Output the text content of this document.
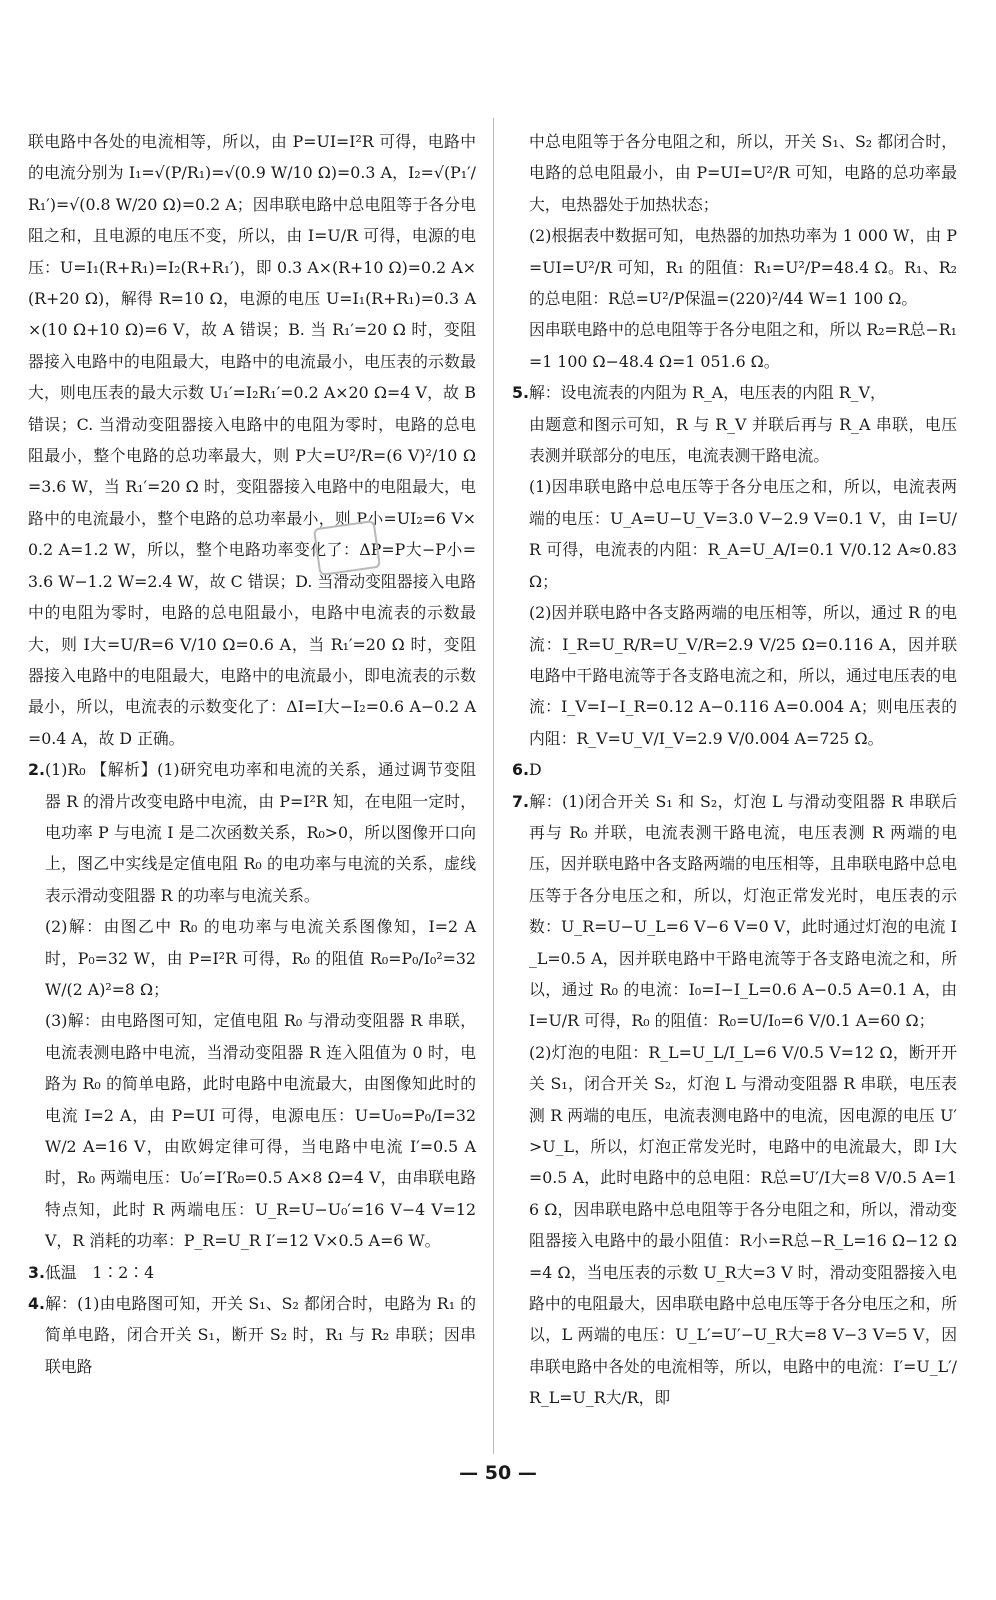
联电路中各处的电流相等，所以，由 P=UI=I²R 可得，电路中的电流分别为 I₁=√(P/R₁)=√(0.9 W/10 Ω)=0.3 A，I₂=√(P₁′/R₁′)=√(0.8 W/20 Ω)=0.2 A；因串联电路中总电阻等于各分电阻之和，且电源的电压不变，所以，由 I=U/R 可得，电源的电压：U=I₁(R+R₁)=I₂(R+R₁′)，即 0.3 A×(R+10 Ω)=0.2 A×(R+20 Ω)，解得 R=10 Ω，电源的电压 U=I₁(R+R₁)=0.3 A×(10 Ω+10 Ω)=6 V，故 A 错误；B. 当 R₁′=20 Ω 时，变阻器接入电路中的电阻最大，电路中的电流最小，电压表的示数最大，则电压表的最大示数 U₁′=I₂R₁′=0.2 A×20 Ω=4 V，故 B 错误；C. 当滑动变阻器接入电路中的电阻为零时，电路的总电阻最小，整个电路的总功率最大，则 P大=U²/R=(6 V)²/10 Ω=3.6 W，当 R₁′=20 Ω 时，变阻器接入电路中的电阻最大，电路中的电流最小，整个电路的总功率最小，则 P小=UI₂=6 V×0.2 A=1.2 W，所以，整个电路功率变化了：ΔP=P大−P小=3.6 W−1.2 W=2.4 W，故 C 错误；D. 当滑动变阻器接入电路中的电阻为零时，电路的总电阻最小，电路中电流表的示数最大，则 I大=U/R=6 V/10 Ω=0.6 A，当 R₁′=20 Ω 时，变阻器接入电路中的电阻最大，电路中的电流最小，即电流表的示数最小，所以，电流表的示数变化了：ΔI=I大−I₂=0.6 A−0.2 A=0.4 A，故 D 正确。

2.(1)R₀ 【解析】(1)研究电功率和电流的关系，通过调节变阻器 R 的滑片改变电路中电流，由 P=I²R 知，在电阻一定时，电功率 P 与电流 I 是二次函数关系，R₀>0，所以图像开口向上，图乙中实线是定值电阻 R₀ 的电功率与电流的关系，虚线表示滑动变阻器 R 的功率与电流关系。

(2)解：由图乙中 R₀ 的电功率与电流关系图像知，I=2 A 时，P₀=32 W，由 P=I²R 可得，R₀ 的阻值 R₀=P₀/I₀²=32 W/(2 A)²=8 Ω；

(3)解：由电路图可知，定值电阻 R₀ 与滑动变阻器 R 串联，电流表测电路中电流，当滑动变阻器 R 连入阻值为 0 时，电路为 R₀ 的简单电路，此时电路中电流最大，由图像知此时的电流 I=2 A，由 P=UI 可得，电源电压：U=U₀=P₀/I=32 W/2 A=16 V，由欧姆定律可得，当电路中电流 I′=0.5 A 时，R₀ 两端电压：U₀′=I′R₀=0.5 A×8 Ω=4 V，由串联电路特点知，此时 R 两端电压：U_R=U−U₀′=16 V−4 V=12 V，R 消耗的功率：P_R=U_R I′=12 V×0.5 A=6 W。

3.低温　1∶2∶4

4.解：(1)由电路图可知，开关 S₁、S₂ 都闭合时，电路为 R₁ 的简单电路，闭合开关 S₁，断开 S₂ 时，R₁ 与 R₂ 串联；因串联电路

中总电阻等于各分电阻之和，所以，开关 S₁、S₂ 都闭合时，电路的总电阻最小，由 P=UI=U²/R 可知，电路的总功率最大，电热器处于加热状态；

(2)根据表中数据可知，电热器的加热功率为 1 000 W，由 P=UI=U²/R 可知，R₁ 的阻值：R₁=U²/P=48.4 Ω。R₁、R₂ 的总电阻：R总=U²/P保温=(220)²/44 W=1 100 Ω。

因串联电路中的总电阻等于各分电阻之和，所以 R₂=R总−R₁=1 100 Ω−48.4 Ω=1 051.6 Ω。

5.解：设电流表的内阻为 R_A，电压表的内阻 R_V，

由题意和图示可知，R 与 R_V 并联后再与 R_A 串联，电压表测并联部分的电压，电流表测干路电流。

(1)因串联电路中总电压等于各分电压之和，所以，电流表两端的电压：U_A=U−U_V=3.0 V−2.9 V=0.1 V，由 I=U/R 可得，电流表的内阻：R_A=U_A/I=0.1 V/0.12 A≈0.83 Ω；

(2)因并联电路中各支路两端的电压相等，所以，通过 R 的电流：I_R=U_R/R=U_V/R=2.9 V/25 Ω=0.116 A，因并联电路中干路电流等于各支路电流之和，所以，通过电压表的电流：I_V=I−I_R=0.12 A−0.116 A=0.004 A；则电压表的内阻：R_V=U_V/I_V=2.9 V/0.004 A=725 Ω。

6.D

7.解：(1)闭合开关 S₁ 和 S₂，灯泡 L 与滑动变阻器 R 串联后再与 R₀ 并联，电流表测干路电流，电压表测 R 两端的电压，因并联电路中各支路两端的电压相等，且串联电路中总电压等于各分电压之和，所以，灯泡正常发光时，电压表的示数：U_R=U−U_L=6 V−6 V=0 V，此时通过灯泡的电流 I_L=0.5 A，因并联电路中干路电流等于各支路电流之和，所以，通过 R₀ 的电流：I₀=I−I_L=0.6 A−0.5 A=0.1 A，由 I=U/R 可得，R₀ 的阻值：R₀=U/I₀=6 V/0.1 A=60 Ω；

(2)灯泡的电阻：R_L=U_L/I_L=6 V/0.5 V=12 Ω，断开开关 S₁，闭合开关 S₂，灯泡 L 与滑动变阻器 R 串联，电压表测 R 两端的电压，电流表测电路中的电流，因电源的电压 U′>U_L，所以，灯泡正常发光时，电路中的电流最大，即 I大=0.5 A，此时电路中的总电阻：R总=U′/I大=8 V/0.5 A=16 Ω，因串联电路中总电阻等于各分电阻之和，所以，滑动变阻器接入电路中的最小阻值：R小=R总−R_L=16 Ω−12 Ω=4 Ω，当电压表的示数 U_R大=3 V 时，滑动变阻器接入电路中的电阻最大，因串联电路中总电压等于各分电压之和，所以，L 两端的电压：U_L′=U′−U_R大=8 V−3 V=5 V，因串联电路中各处的电流相等，所以，电路中的电流：I′=U_L′/R_L=U_R大/R，即

— 50 —
